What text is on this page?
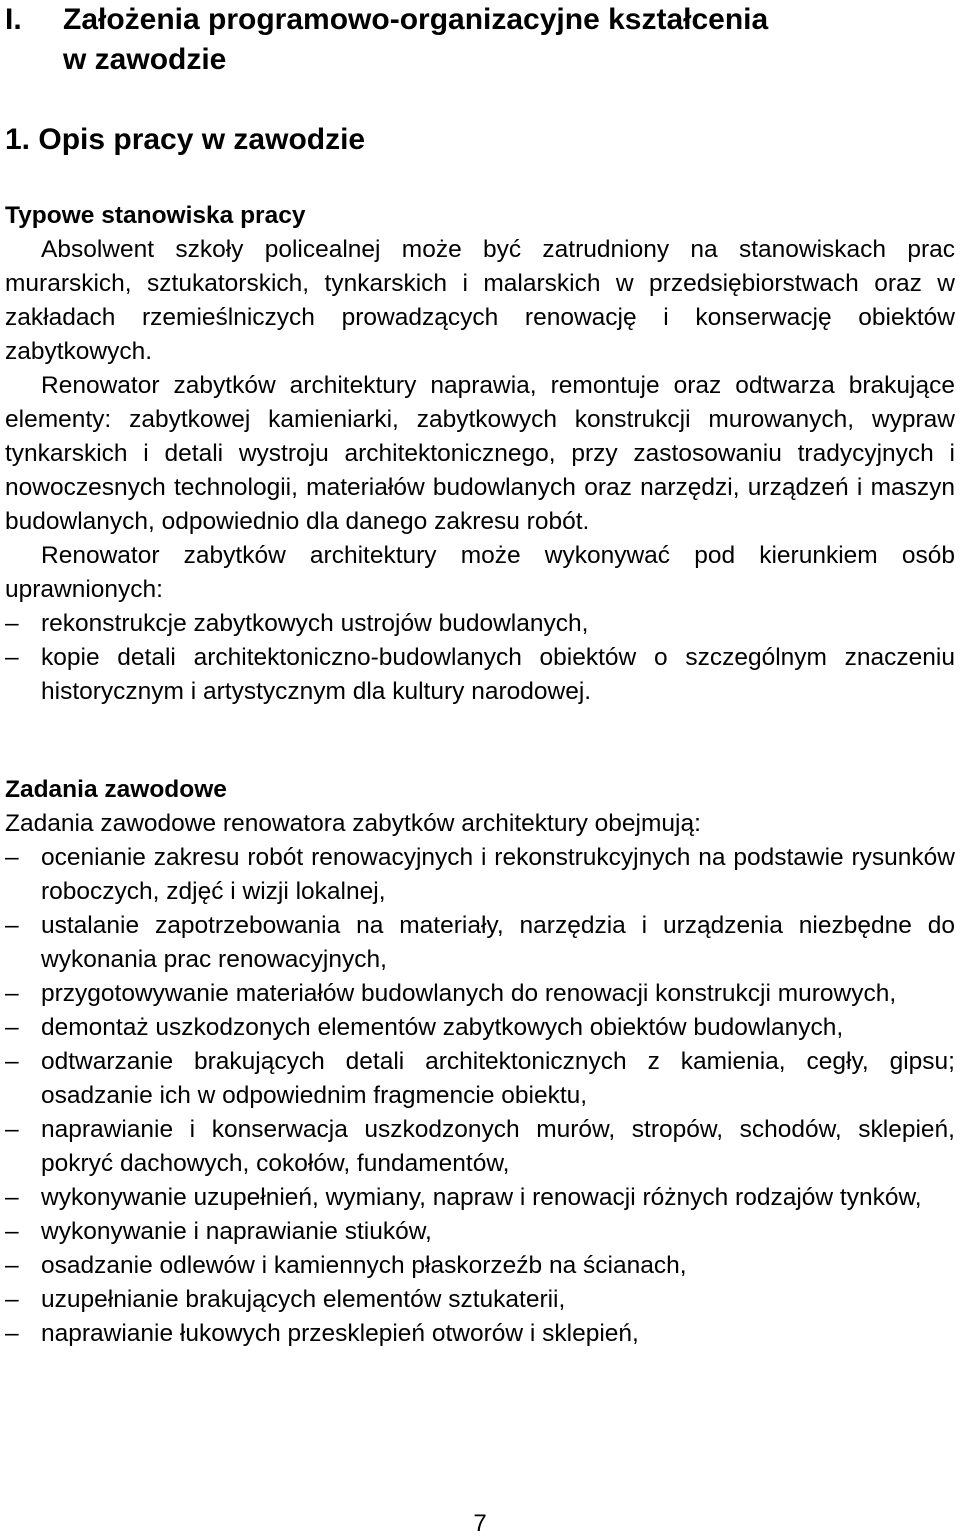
I. Założenia programowo-organizacyjne kształcenia
w zawodzie
1. Opis pracy w zawodzie

Typowe stanowiska pracy

Absolwent szkoły policealnej może być zatrudniony na stanowiskach prac murarskich, sztukatorskich, tynkarskich i malarskich w przedsiębiorstwach oraz w zakładach rzemieślniczych prowadzących renowację i konserwację obiektów zabytkowych.

Renowator zabytków architektury naprawia, remontuje oraz odtwarza brakujące elementy: zabytkowej kamieniarki, zabytkowych konstrukcji murowanych, wypraw tynkarskich i detali wystroju architektonicznego, przy zastosowaniu tradycyjnych i nowoczesnych technologii, materiałów budowlanych oraz narzędzi, urządzeń i maszyn budowlanych, odpowiednio dla danego zakresu robót.

Renowator zabytków architektury może wykonywać pod kierunkiem osób uprawnionych:

– rekonstrukcje zabytkowych ustrojów budowlanych,
– kopie detali architektoniczno-budowlanych obiektów o szczególnym znaczeniu historycznym i artystycznym dla kultury narodowej.

Zadania zawodowe

Zadania zawodowe renowatora zabytków architektury obejmują:

– ocenianie zakresu robót renowacyjnych i rekonstrukcyjnych na podstawie rysunków roboczych, zdjęć i wizji lokalnej,
– ustalanie zapotrzebowania na materiały, narzędzia i urządzenia niezbędne do wykonania prac renowacyjnych,
– przygotowywanie materiałów budowlanych do renowacji konstrukcji murowych,
– demontaż uszkodzonych elementów zabytkowych obiektów budowlanych,
– odtwarzanie brakujących detali architektonicznych z kamienia, cegły, gipsu; osadzanie ich w odpowiednim fragmencie obiektu,
– naprawianie i konserwacja uszkodzonych murów, stropów, schodów, sklepień, pokryć dachowych, cokołów, fundamentów,
– wykonywanie uzupełnień, wymiany, napraw i renowacji różnych rodzajów tynków,
– wykonywanie i naprawianie stiuków,
– osadzanie odlewów i kamiennych płaskorzeźb na ścianach,
– uzupełnianie brakujących elementów sztukaterii,
– naprawianie łukowych przesklepień otworów i sklepień,
7
